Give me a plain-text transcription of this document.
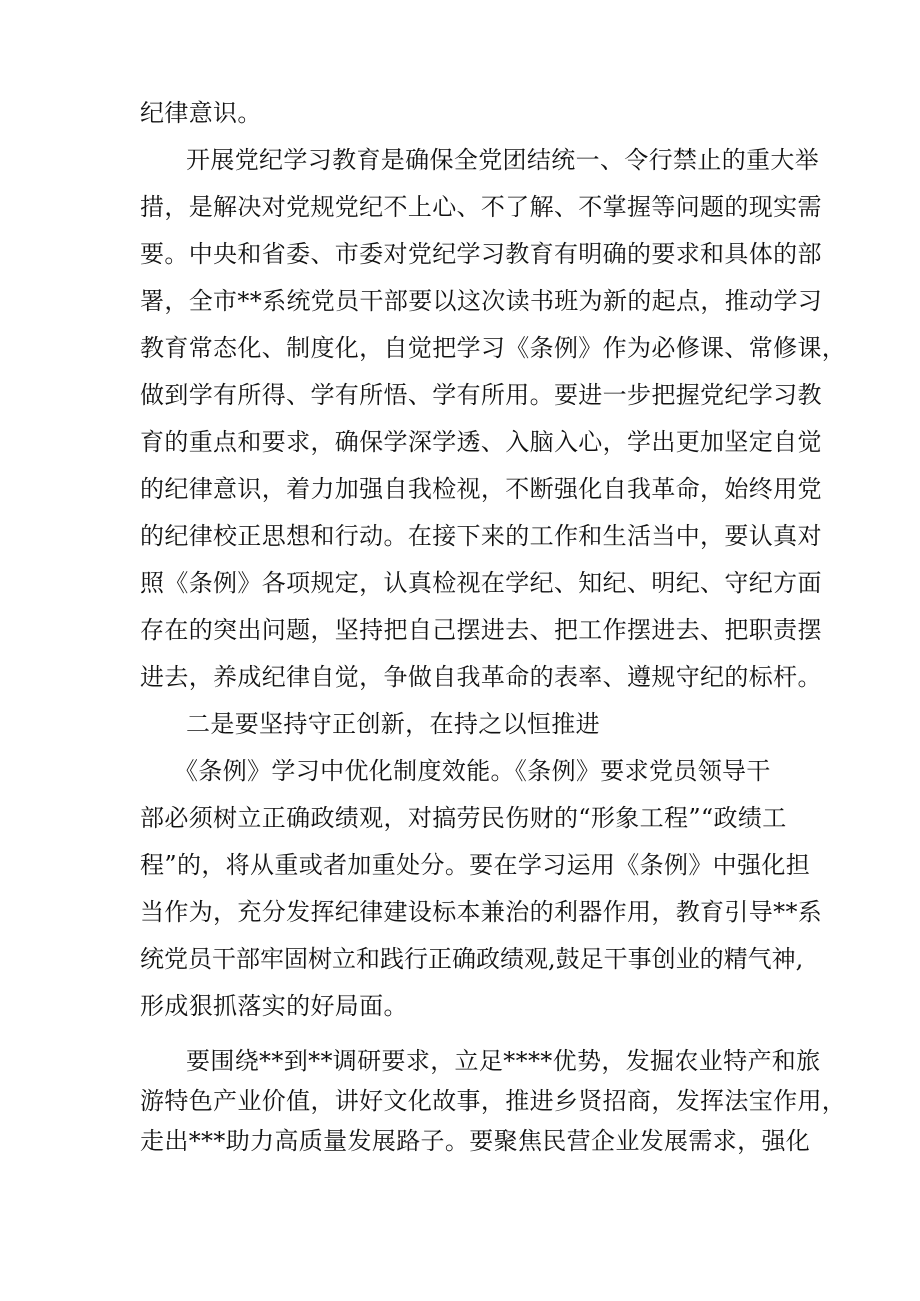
纪律意识。
开展党纪学习教育是确保全党团结统一、令行禁止的重大举
措，是解决对党规党纪不上心、不了解、不掌握等问题的现实需
要。中央和省委、市委对党纪学习教育有明确的要求和具体的部
署，全市**系统党员干部要以这次读书班为新的起点，推动学习
教育常态化、制度化，自觉把学习《条例》作为必修课、常修课，
做到学有所得、学有所悟、学有所用。要进一步把握党纪学习教
育的重点和要求，确保学深学透、入脑入心，学出更加坚定自觉
的纪律意识，着力加强自我检视，不断强化自我革命，始终用党
的纪律校正思想和行动。在接下来的工作和生活当中，要认真对
照《条例》各项规定，认真检视在学纪、知纪、明纪、守纪方面
存在的突出问题，坚持把自己摆进去、把工作摆进去、把职责摆
进去，养成纪律自觉，争做自我革命的表率、遵规守纪的标杆。
二是要坚持守正创新，在持之以恒推进
《条例》学习中优化制度效能。《条例》要求党员领导干
部必须树立正确政绩观，对搞劳民伤财的“形象工程”“政绩工
程”的，将从重或者加重处分。要在学习运用《条例》中强化担
当作为，充分发挥纪律建设标本兼治的利器作用，教育引导**系
统党员干部牢固树立和践行正确政绩观,鼓足干事创业的精气神,
形成狠抓落实的好局面。
要围绕**到**调研要求，立足****优势，发掘农业特产和旅
游特色产业价值，讲好文化故事，推进乡贤招商，发挥法宝作用，
走出***助力高质量发展路子。要聚焦民营企业发展需求，强化
